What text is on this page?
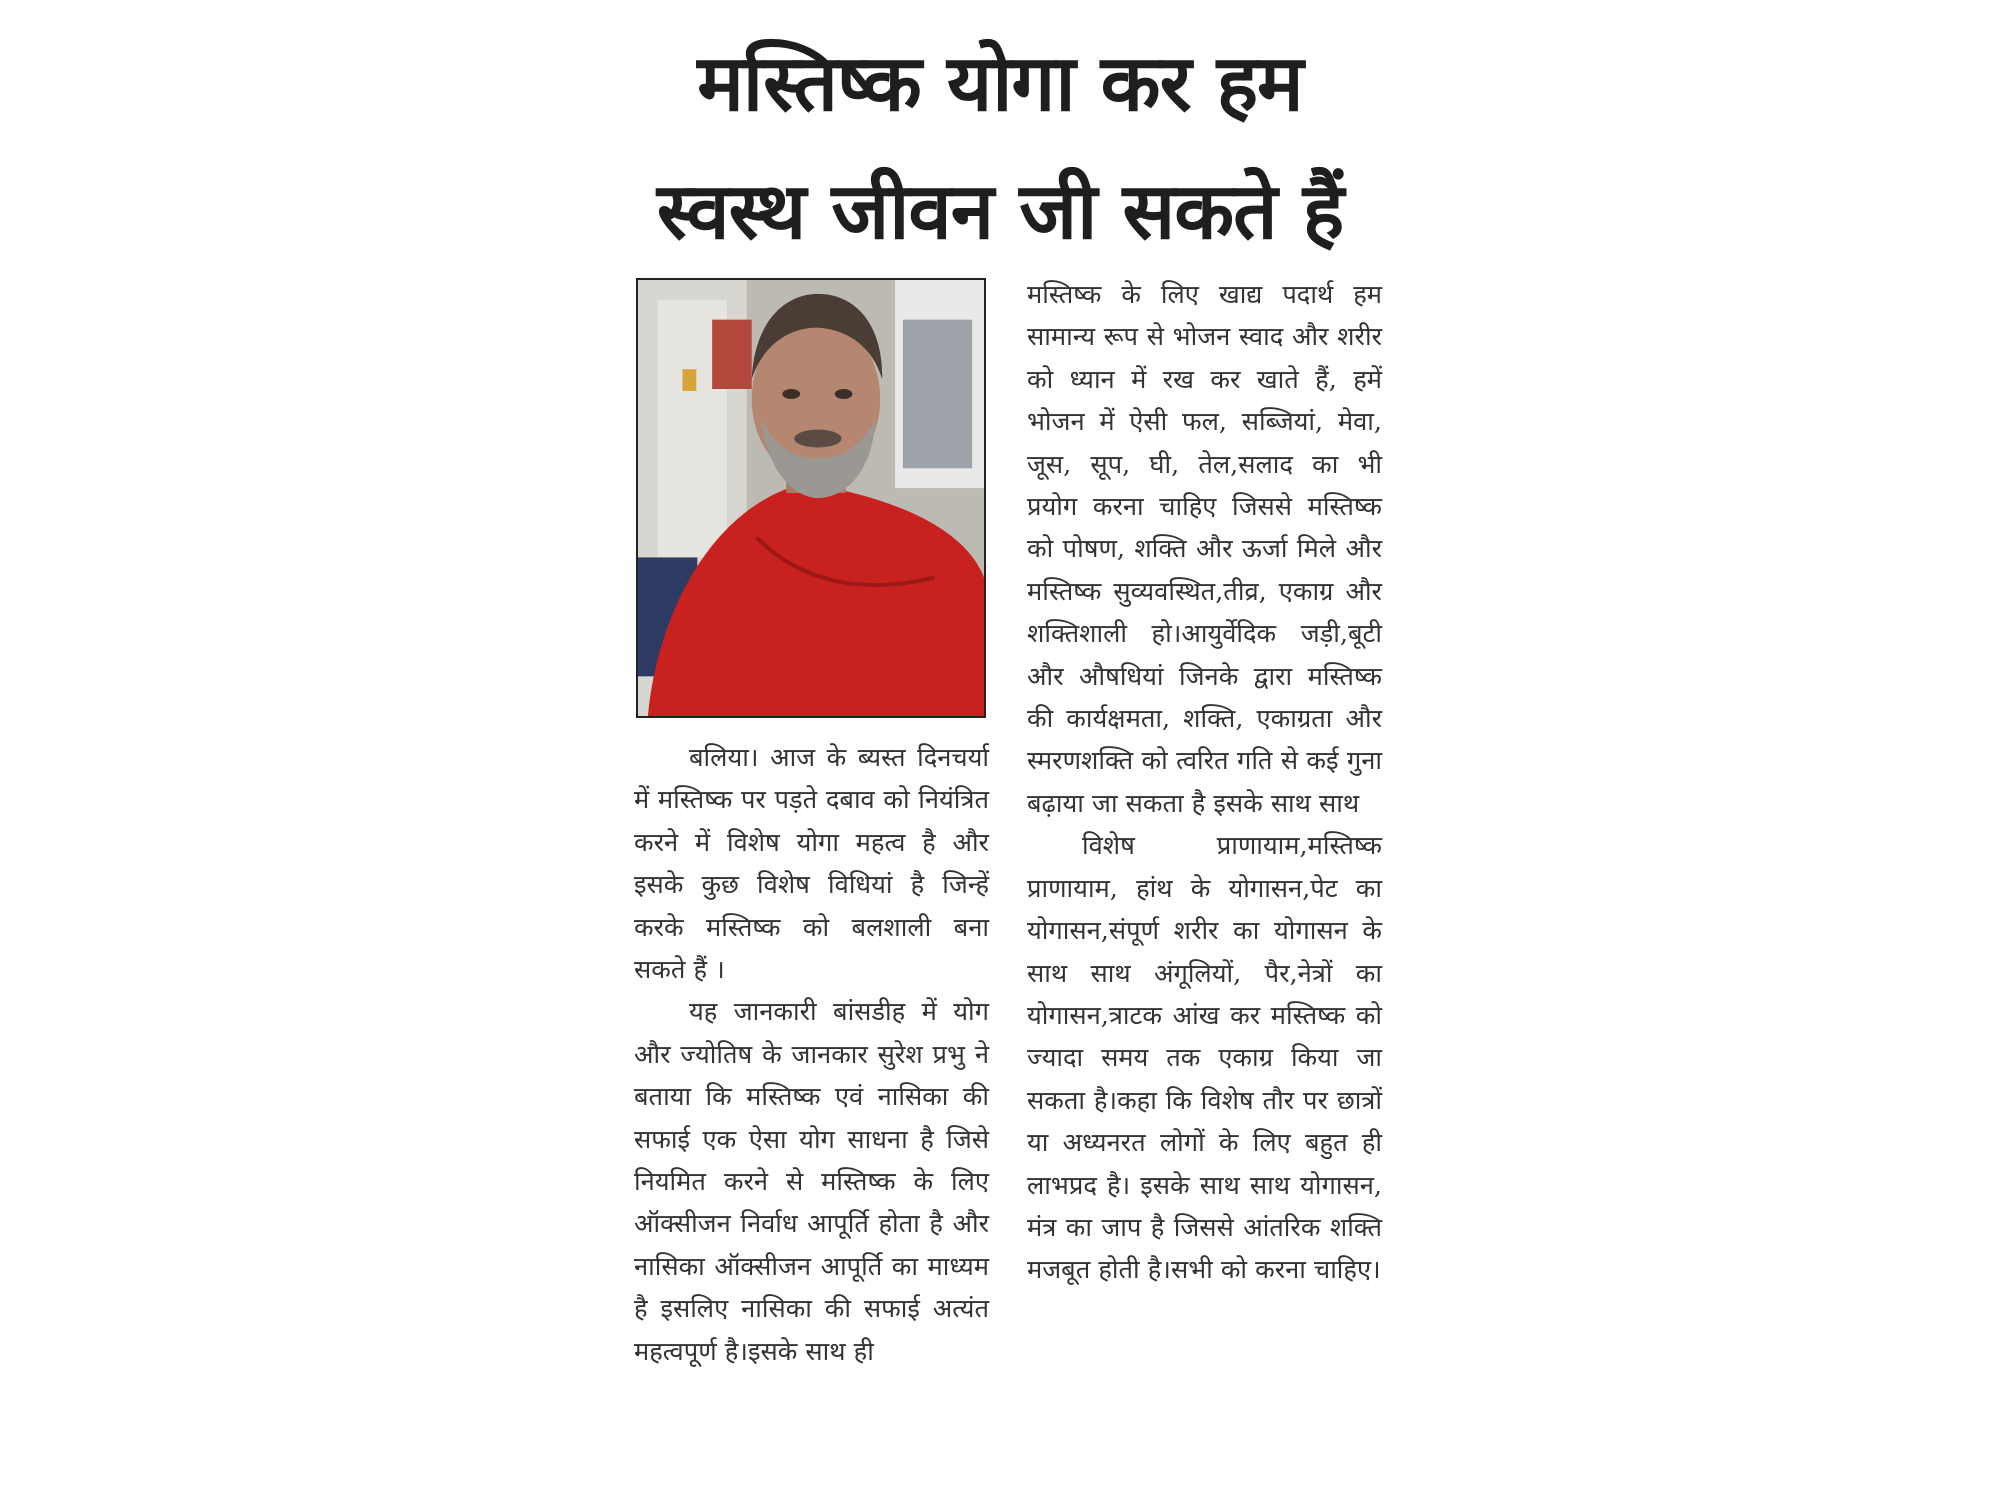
मस्तिष्क योगा कर हम
स्वस्थ जीवन जी सकते हैं

बलिया। आज के ब्यस्त दिनचर्या में मस्तिष्क पर पड़ते दबाव को नियंत्रित करने में विशेष योगा महत्व है और इसके कुछ विशेष विधियां है जिन्हें करके मस्तिष्क को बलशाली बना सकते हैं ।

यह जानकारी बांसडीह में योग और ज्योतिष के जानकार सुरेश प्रभु ने बताया कि मस्तिष्क एवं नासिका की सफाई एक ऐसा योग साधना है जिसे नियमित करने से मस्तिष्क के लिए ऑक्सीजन निर्वाध आपूर्ति होता है और नासिका ऑक्सीजन आपूर्ति का माध्यम है इसलिए नासिका की सफाई अत्यंत महत्वपूर्ण है।इसके साथ ही

मस्तिष्क के लिए खाद्य पदार्थ हम सामान्य रूप से भोजन स्वाद और शरीर को ध्यान में रख कर खाते हैं, हमें भोजन में ऐसी फल, सब्जियां, मेवा, जूस, सूप, घी, तेल,सलाद का भी प्रयोग करना चाहिए जिससे मस्तिष्क को पोषण, शक्ति और ऊर्जा मिले और मस्तिष्क सुव्यवस्थित,तीव्र, एकाग्र और शक्तिशाली हो।आयुर्वेदिक जड़ी,बूटी और औषधियां जिनके द्वारा मस्तिष्क की कार्यक्षमता, शक्ति, एकाग्रता और स्मरणशक्ति को त्वरित गति से कई गुना बढ़ाया जा सकता है इसके साथ साथ

विशेष प्राणायाम,मस्तिष्क प्राणायाम, हांथ के योगासन,पेट का योगासन,संपूर्ण शरीर का योगासन के साथ साथ अंगूलियों, पैर,नेत्रों का योगासन,त्राटक आंख कर मस्तिष्क को ज्यादा समय तक एकाग्र किया जा सकता है।कहा कि विशेष तौर पर छात्रों या अध्यनरत लोगों के लिए बहुत ही लाभप्रद है। इसके साथ साथ योगासन, मंत्र का जाप है जिससे आंतरिक शक्ति मजबूत होती है।सभी को करना चाहिए।
